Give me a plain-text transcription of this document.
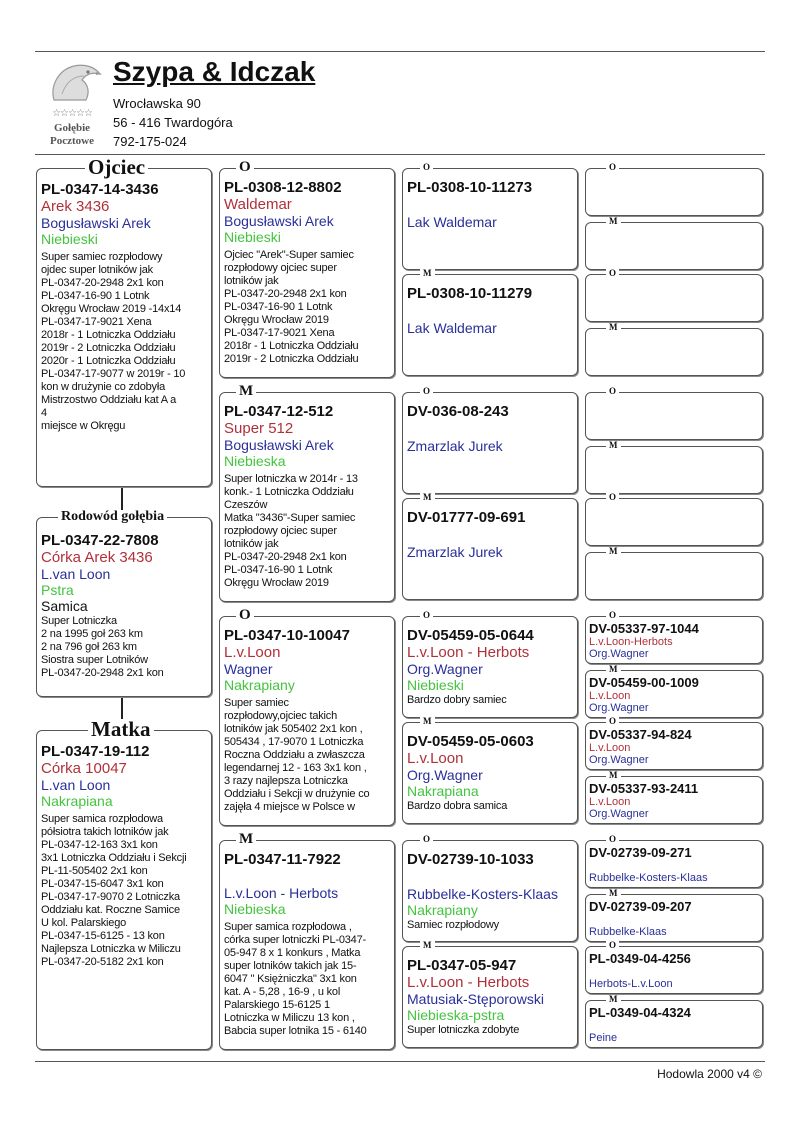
☆☆☆☆☆
Gołębie
Pocztowe
Szypa & Idczak
Wrocławska 90
56 - 416 Twardogóra
792-175-024
PL-0347-14-3436
Arek 3436
Bogusławski Arek
Niebieski
Super samiec rozpłodowy
ojdec super lotników jak
PL-0347-20-2948 2x1 kon
PL-0347-16-90 1 Lotnk
Okręgu Wrocław 2019 -14x14
PL-0347-17-9021 Xena
2018r - 1 Lotniczka Oddziału
2019r - 2 Lotniczka Oddziału
2020r - 1 Lotniczka Oddziału
PL-0347-17-9077 w 2019r - 10
kon w drużynie co zdobyła
Mistrzostwo Oddziału kat A a
4
miejsce w Okręgu
Ojciec
PL-0347-22-7808
Córka Arek 3436
L.van Loon
Pstra
Samica
Super Lotniczka
2 na 1995 goł 263 km
2 na 796 goł 263 km
Siostra super Lotników
PL-0347-20-2948 2x1 kon
Rodowód gołębia
PL-0347-19-112
Córka 10047
L.van Loon
Nakrapiana
Super samica rozpłodowa
półsiotra takich lotników jak
PL-0347-12-163 3x1 kon
3x1 Lotniczka Oddziału i Sekcji
PL-11-505402 2x1 kon
PL-0347-15-6047 3x1 kon
PL-0347-17-9070 2 Lotniczka
Oddziału kat. Roczne Samice
U kol. Palarskiego
PL-0347-15-6125 - 13 kon
Najlepsza Lotniczka w Miliczu
PL-0347-20-5182 2x1 kon
Matka
PL-0308-12-8802
Waldemar
Bogusławski Arek
Niebieski
Ojciec "Arek"-Super samiec
rozpłodowy ojciec super
lotników jak
PL-0347-20-2948 2x1 kon
PL-0347-16-90 1 Lotnk
Okręgu Wrocław 2019
PL-0347-17-9021 Xena
2018r - 1 Lotniczka Oddziału
2019r - 2 Lotniczka Oddziału
O
PL-0347-12-512
Super 512
Bogusławski Arek
Niebieska
Super lotniczka w 2014r - 13
konk.- 1 Lotniczka Oddziału
Czeszów
Matka "3436"-Super samiec
rozpłodowy ojciec super
lotników jak
PL-0347-20-2948 2x1 kon
PL-0347-16-90 1 Lotnk
Okręgu Wrocław 2019
M
PL-0347-10-10047
L.v.Loon
Wagner
Nakrapiany
Super samiec
rozpłodowy,ojciec takich
lotników jak 505402 2x1 kon ,
505434 , 17-9070 1 Lotniczka
Roczna Oddziału a zwłaszcza
legendarnej 12 - 163 3x1 kon ,
3 razy najlepsza Lotniczka
Oddziału i Sekcji w drużynie co
zajęła 4 miejsce w Polsce w
O
PL-0347-11-7922
L.v.Loon - Herbots
Niebieska
Super samica rozpłodowa ,
córka super lotniczki PL-0347-
05-947 8 x 1 konkurs , Matka
super lotników takich jak 15-
6047 " Księżniczka" 3x1 kon
kat. A - 5,28 , 16-9 , u kol
Palarskiego 15-6125 1
Lotniczka w Miliczu 13 kon ,
Babcia super lotnika 15 - 6140
M
PL-0308-10-11273
Lak Waldemar
O
PL-0308-10-11279
Lak Waldemar
M
DV-036-08-243
Zmarzlak Jurek
O
DV-01777-09-691
Zmarzlak Jurek
M
DV-05459-05-0644
L.v.Loon - Herbots
Org.Wagner
Niebieski
Bardzo dobry samiec
O
DV-05459-05-0603
L.v.Loon
Org.Wagner
Nakrapiana
Bardzo dobra samica
M
DV-02739-10-1033
Rubbelke-Kosters-Klaas
Nakrapiany
Samiec rozpłodowy
O
PL-0347-05-947
L.v.Loon - Herbots
Matusiak-Stęporowski
Niebieska-pstra
Super lotniczka zdobyte
M
O
M
O
M
O
M
O
M
DV-05337-97-1044
L.v.Loon-Herbots
Org.Wagner
O
DV-05459-00-1009
L.v.Loon
Org.Wagner
M
DV-05337-94-824
L.v.Loon
Org.Wagner
O
DV-05337-93-2411
L.v.Loon
Org.Wagner
M
DV-02739-09-271
Rubbelke-Kosters-Klaas
O
DV-02739-09-207
Rubbelke-Klaas
M
PL-0349-04-4256
Herbots-L.v.Loon
O
PL-0349-04-4324
Peine
M
Hodowla 2000 v4 ©
